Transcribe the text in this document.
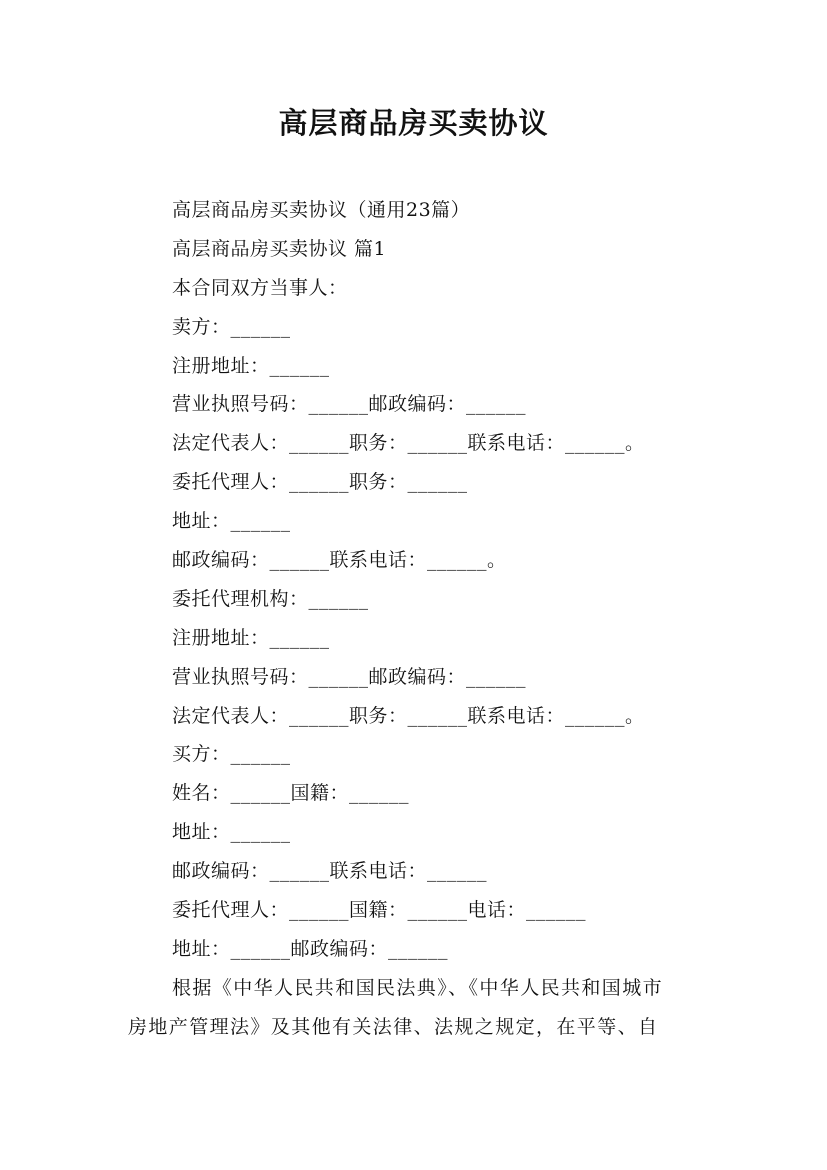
高层商品房买卖协议
高层商品房买卖协议（通用23篇）
高层商品房买卖协议 篇1
本合同双方当事人：
卖方：______
注册地址：______
营业执照号码：______邮政编码：______
法定代表人：______职务：______联系电话：______。
委托代理人：______职务：______
地址：______
邮政编码：______联系电话：______。
委托代理机构：______
注册地址：______
营业执照号码：______邮政编码：______
法定代表人：______职务：______联系电话：______。
买方：______
姓名：______国籍：______
地址：______
邮政编码：______联系电话：______
委托代理人：______国籍：______电话：______
地址：______邮政编码：______
根据《中华人民共和国民法典》、《中华人民共和国城市
房地产管理法》及其他有关法律、法规之规定，在平等、自
